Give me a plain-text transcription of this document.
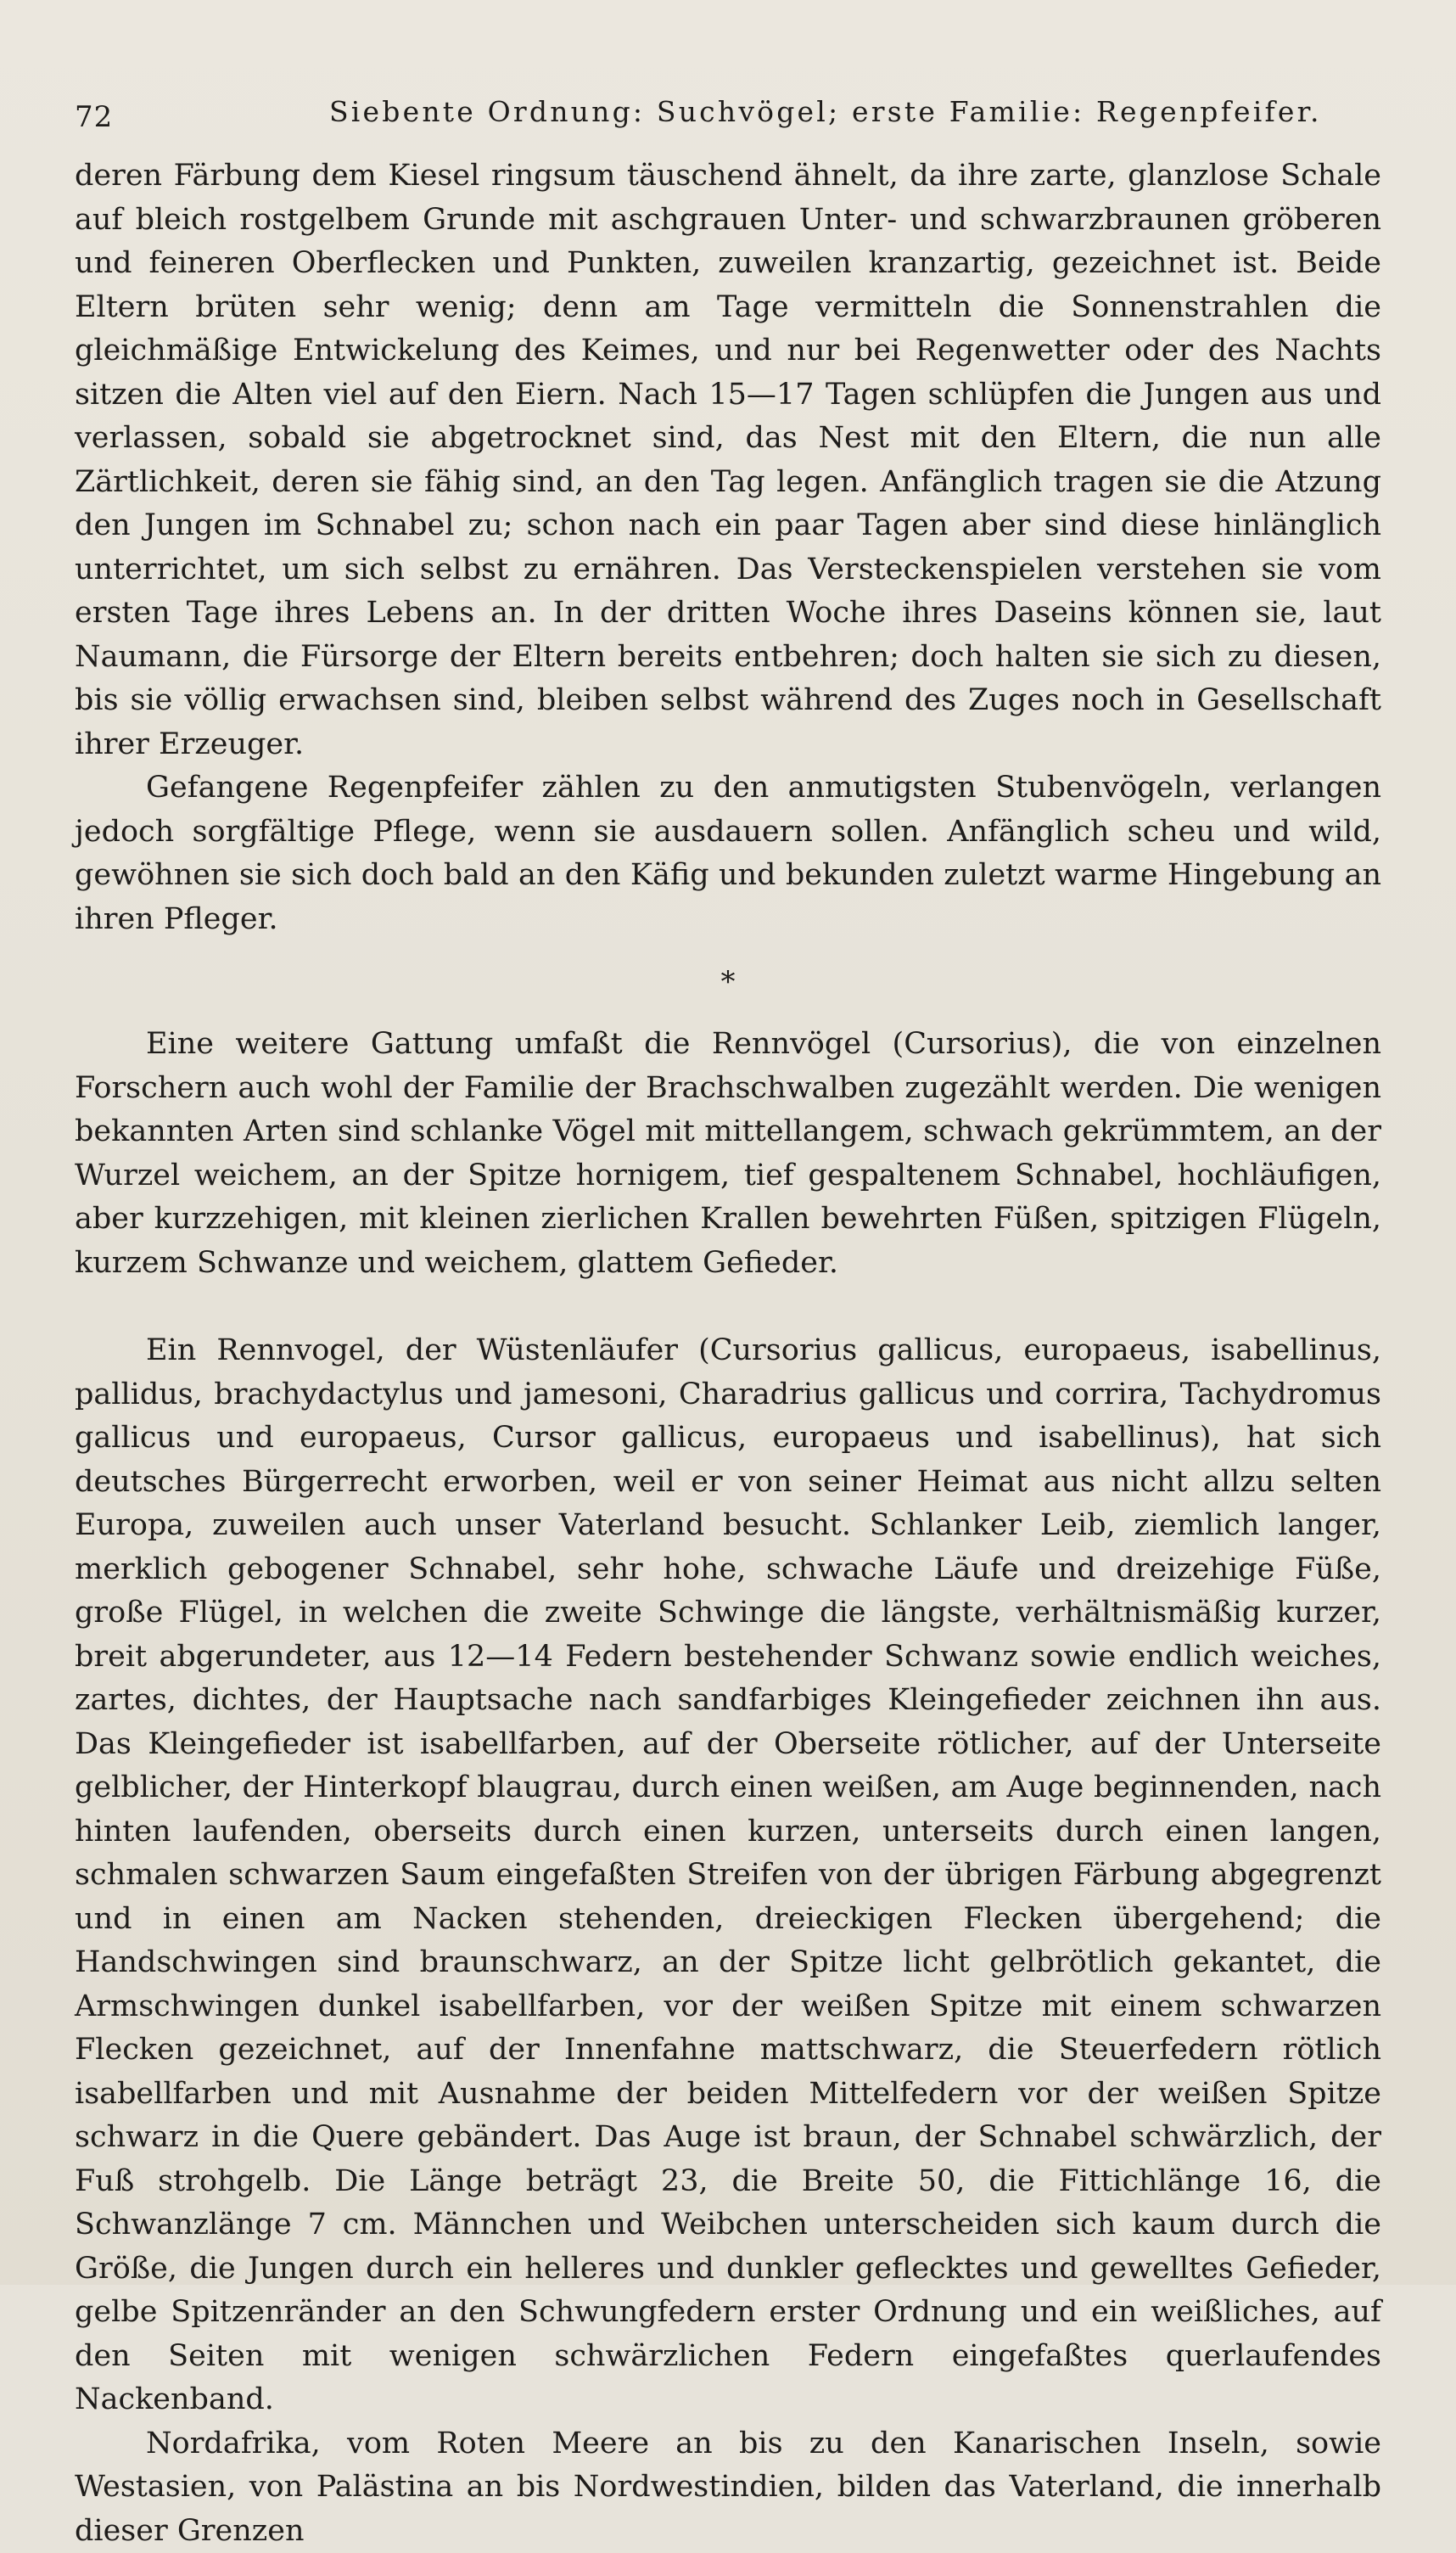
72	Siebente Ordnung: Suchvögel; erste Familie: Regenpfeifer.

deren Färbung dem Kiesel ringsum täuschend ähnelt, da ihre zarte, glanzlose Schale auf bleich rostgelbem Grunde mit aschgrauen Unter- und schwarzbraunen gröberen und feineren Oberflecken und Punkten, zuweilen kranzartig, gezeichnet ist. Beide Eltern brüten sehr wenig; denn am Tage vermitteln die Sonnenstrahlen die gleichmäßige Entwickelung des Keimes, und nur bei Regenwetter oder des Nachts sitzen die Alten viel auf den Eiern. Nach 15—17 Tagen schlüpfen die Jungen aus und verlassen, sobald sie abgetrocknet sind, das Nest mit den Eltern, die nun alle Zärtlichkeit, deren sie fähig sind, an den Tag legen. Anfänglich tragen sie die Atzung den Jungen im Schnabel zu; schon nach ein paar Tagen aber sind diese hinlänglich unterrichtet, um sich selbst zu ernähren. Das Versteckenspielen verstehen sie vom ersten Tage ihres Lebens an. In der dritten Woche ihres Daseins können sie, laut Naumann, die Fürsorge der Eltern bereits entbehren; doch halten sie sich zu diesen, bis sie völlig erwachsen sind, bleiben selbst während des Zuges noch in Gesellschaft ihrer Erzeuger.

Gefangene Regenpfeifer zählen zu den anmutigsten Stubenvögeln, verlangen jedoch sorgfältige Pflege, wenn sie ausdauern sollen. Anfänglich scheu und wild, gewöhnen sie sich doch bald an den Käfig und bekunden zuletzt warme Hingebung an ihren Pfleger.

*

Eine weitere Gattung umfaßt die Rennvögel (Cursorius), die von einzelnen Forschern auch wohl der Familie der Brachschwalben zugezählt werden. Die wenigen bekannten Arten sind schlanke Vögel mit mittellangem, schwach gekrümmtem, an der Wurzel weichem, an der Spitze hornigem, tief gespaltenem Schnabel, hochläufigen, aber kurzzehigen, mit kleinen zierlichen Krallen bewehrten Füßen, spitzigen Flügeln, kurzem Schwanze und weichem, glattem Gefieder.

Ein Rennvogel, der Wüstenläufer (Cursorius gallicus, europaeus, isabellinus, pallidus, brachydactylus und jamesoni, Charadrius gallicus und corrira, Tachydromus gallicus und europaeus, Cursor gallicus, europaeus und isabellinus), hat sich deutsches Bürgerrecht erworben, weil er von seiner Heimat aus nicht allzu selten Europa, zuweilen auch unser Vaterland besucht. Schlanker Leib, ziemlich langer, merklich gebogener Schnabel, sehr hohe, schwache Läufe und dreizehige Füße, große Flügel, in welchen die zweite Schwinge die längste, verhältnismäßig kurzer, breit abgerundeter, aus 12—14 Federn bestehender Schwanz sowie endlich weiches, zartes, dichtes, der Hauptsache nach sandfarbiges Kleingefieder zeichnen ihn aus. Das Kleingefieder ist isabellfarben, auf der Oberseite rötlicher, auf der Unterseite gelblicher, der Hinterkopf blaugrau, durch einen weißen, am Auge beginnenden, nach hinten laufenden, oberseits durch einen kurzen, unterseits durch einen langen, schmalen schwarzen Saum eingefaßten Streifen von der übrigen Färbung abgegrenzt und in einen am Nacken stehenden, dreieckigen Flecken übergehend; die Handschwingen sind braunschwarz, an der Spitze licht gelbrötlich gekantet, die Armschwingen dunkel isabellfarben, vor der weißen Spitze mit einem schwarzen Flecken gezeichnet, auf der Innenfahne mattschwarz, die Steuerfedern rötlich isabellfarben und mit Ausnahme der beiden Mittelfedern vor der weißen Spitze schwarz in die Quere gebändert. Das Auge ist braun, der Schnabel schwärzlich, der Fuß strohgelb. Die Länge beträgt 23, die Breite 50, die Fittichlänge 16, die Schwanzlänge 7 cm. Männchen und Weibchen unterscheiden sich kaum durch die Größe, die Jungen durch ein helleres und dunkler geflecktes und gewelltes Gefieder, gelbe Spitzenränder an den Schwungfedern erster Ordnung und ein weißliches, auf den Seiten mit wenigen schwärzlichen Federn eingefaßtes querlaufendes Nackenband.

Nordafrika, vom Roten Meere an bis zu den Kanarischen Inseln, sowie Westasien, von Palästina an bis Nordwestindien, bilden das Vaterland, die innerhalb dieser Grenzen
